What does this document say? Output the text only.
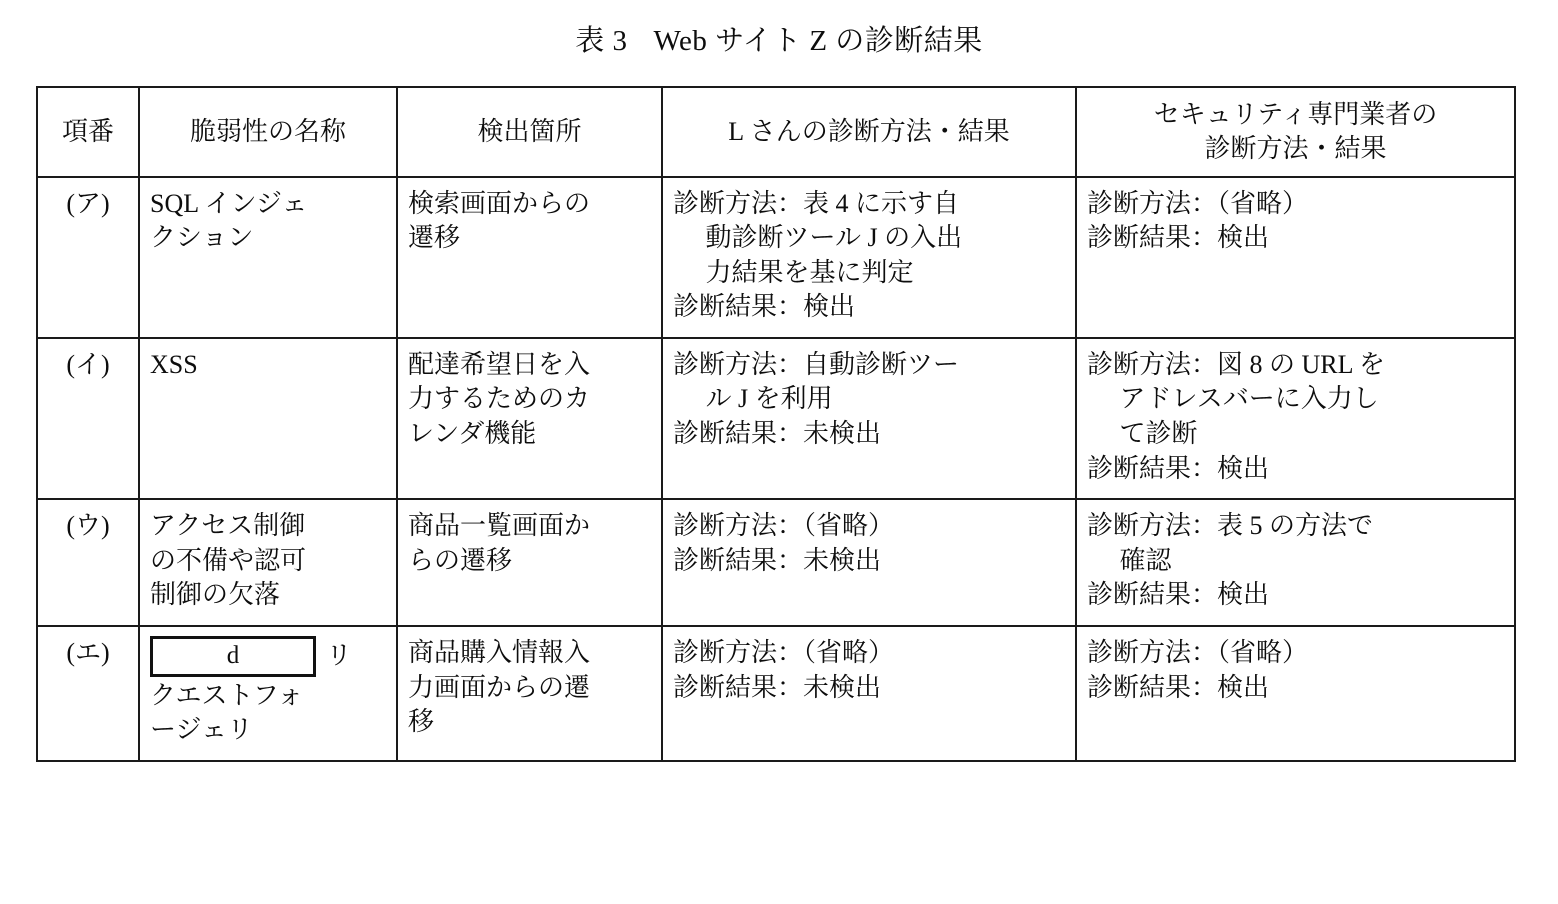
表 3 Web サイト Z の診断結果
項番	脆弱性の名称	検出箇所	L さんの診断方法・結果	セキュリティ専門業者の
診断方法・結果

(ア)	SQL インジェ
クション	検索画面からの
遷移	診断方法：表 4 に示す自
動診断ツール J の入出
力結果を基に判定
診断結果：検出	診断方法：（省略）
診断結果：検出

(イ)	XSS	配達希望日を入
力するためのカ
レンダ機能	診断方法：自動診断ツー
ル J を利用
診断結果：未検出	診断方法：図 8 の URL を
アドレスバーに入力し
て診断
診断結果：検出

(ウ)	アクセス制御
の不備や認可
制御の欠落	商品一覧画面か
らの遷移	診断方法：（省略）
診断結果：未検出	診断方法：表 5 の方法で
確認
診断結果：検出

(エ)	d リ
クエストフォ
ージェリ	商品購入情報入
力画面からの遷
移	診断方法：（省略）
診断結果：未検出	診断方法：（省略）
診断結果：検出
